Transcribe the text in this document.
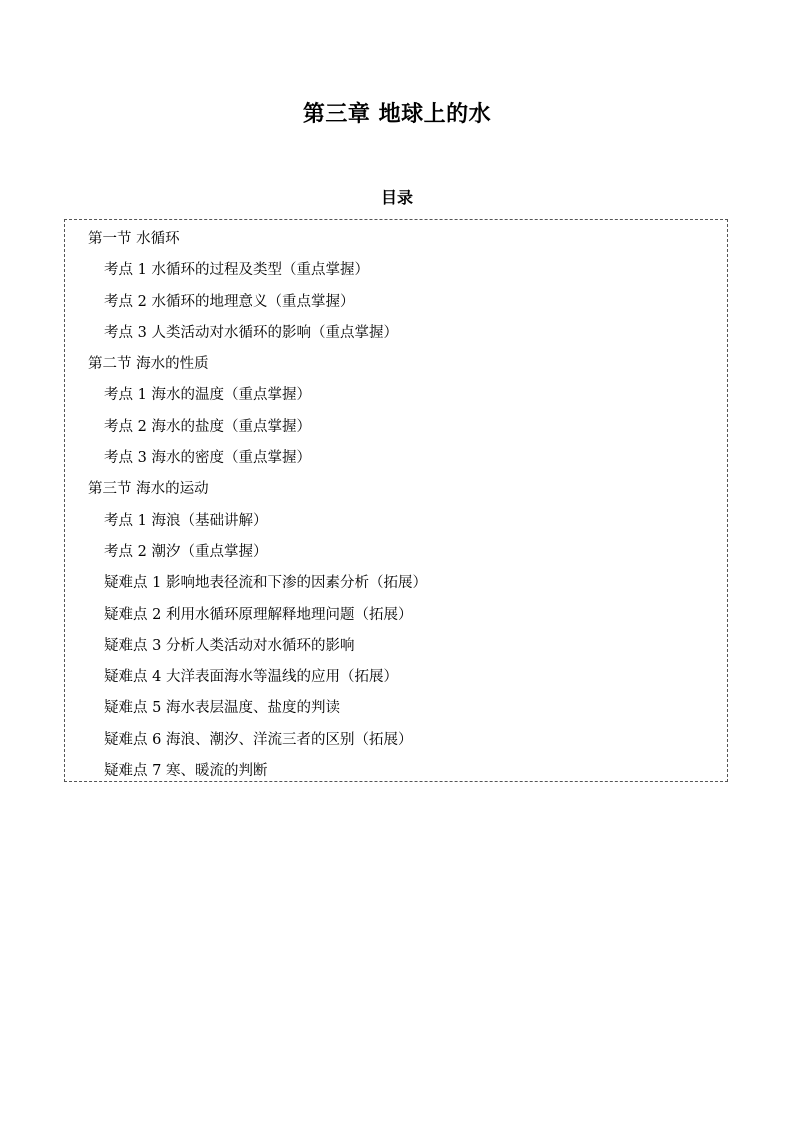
第三章 地球上的水
目录
第一节 水循环
考点 1 水循环的过程及类型（重点掌握）
考点 2 水循环的地理意义（重点掌握）
考点 3 人类活动对水循环的影响（重点掌握）
第二节 海水的性质
考点 1 海水的温度（重点掌握）
考点 2 海水的盐度（重点掌握）
考点 3 海水的密度（重点掌握）
第三节 海水的运动
考点 1 海浪（基础讲解）
考点 2 潮汐（重点掌握）
疑难点 1 影响地表径流和下渗的因素分析（拓展）
疑难点 2 利用水循环原理解释地理问题（拓展）
疑难点 3 分析人类活动对水循环的影响
疑难点 4 大洋表面海水等温线的应用（拓展）
疑难点 5 海水表层温度、盐度的判读
疑难点 6 海浪、潮汐、洋流三者的区别（拓展）
疑难点 7 寒、暖流的判断
